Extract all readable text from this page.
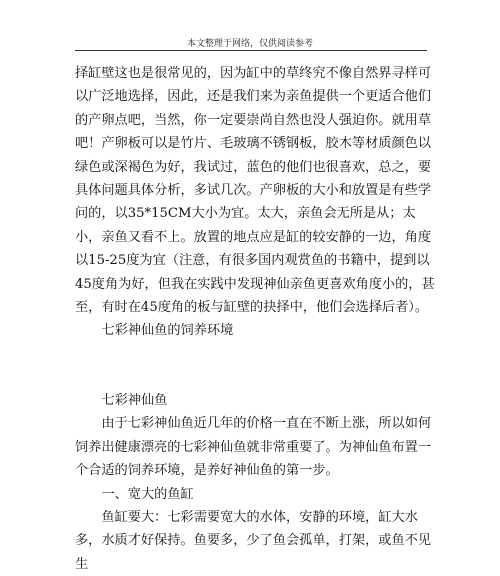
本文整理于网络，仅供阅读参考

择缸壁这也是很常见的，因为缸中的草终究不像自然界寻样可以广泛地选择，因此，还是我们来为亲鱼提供一个更适合他们的产卵点吧，当然，你一定要崇尚自然也没人强迫你。就用草吧！产卵板可以是竹片、毛玻璃不锈钢板，胶木等材质颜色以绿色或深褐色为好，我试过，蓝色的他们也很喜欢，总之，要具体问题具体分析，多试几次。产卵板的大小和放置是有些学问的，以35*15CM大小为宜。太大，亲鱼会无所是从；太小，亲鱼又看不上。放置的地点应是缸的较安静的一边，角度以15-25度为宜（注意，有很多国内观赏鱼的书籍中，提到以45度角为好，但我在实践中发现神仙亲鱼更喜欢角度小的，甚至，有时在45度角的板与缸壁的抉择中，他们会选择后者）。

七彩神仙鱼的饲养环境

七彩神仙鱼

由于七彩神仙鱼近几年的价格一直在不断上涨，所以如何饲养出健康漂亮的七彩神仙鱼就非常重要了。为神仙鱼布置一个合适的饲养环境，是养好神仙鱼的第一步。

一、宽大的鱼缸

鱼缸要大：七彩需要宽大的水体，安静的环境，缸大水多，水质才好保持。鱼要多，少了鱼会孤单，打架，或鱼不见生
